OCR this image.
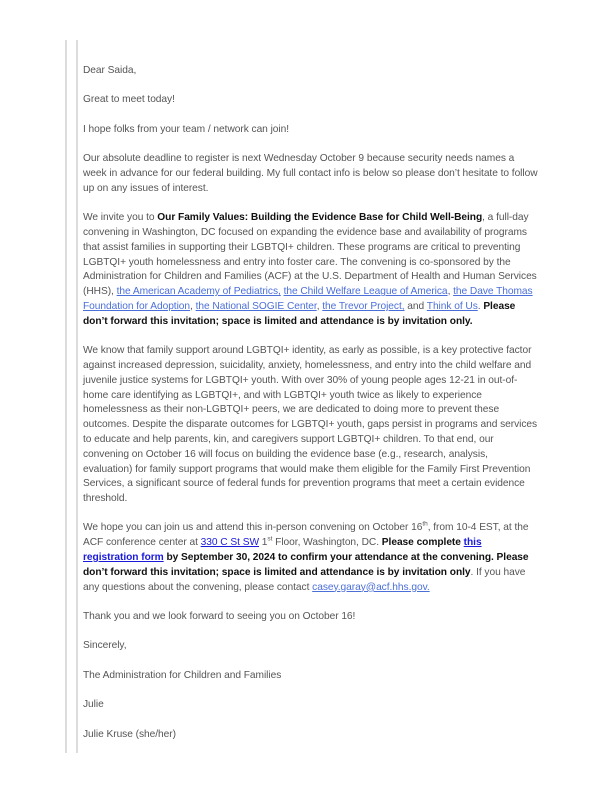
Dear Saida,

Great to meet today!

I hope folks from your team / network can join!

Our absolute deadline to register is next Wednesday October 9 because security needs names a week in advance for our federal building. My full contact info is below so please don’t hesitate to follow up on any issues of interest.

We invite you to Our Family Values: Building the Evidence Base for Child Well-Being, a full-day convening in Washington, DC focused on expanding the evidence base and availability of programs that assist families in supporting their LGBTQI+ children. These programs are critical to preventing LGBTQI+ youth homelessness and entry into foster care. The convening is co-sponsored by the Administration for Children and Families (ACF) at the U.S. Department of Health and Human Services (HHS), the American Academy of Pediatrics, the Child Welfare League of America, the Dave Thomas Foundation for Adoption, the National SOGIE Center, the Trevor Project, and Think of Us. Please don’t forward this invitation; space is limited and attendance is by invitation only.

We know that family support around LGBTQI+ identity, as early as possible, is a key protective factor against increased depression, suicidality, anxiety, homelessness, and entry into the child welfare and juvenile justice systems for LGBTQI+ youth. With over 30% of young people ages 12-21 in out-of-home care identifying as LGBTQI+, and with LGBTQI+ youth twice as likely to experience homelessness as their non-LGBTQI+ peers, we are dedicated to doing more to prevent these outcomes. Despite the disparate outcomes for LGBTQI+ youth, gaps persist in programs and services to educate and help parents, kin, and caregivers support LGBTQI+ children. To that end, our convening on October 16 will focus on building the evidence base (e.g., research, analysis, evaluation) for family support programs that would make them eligible for the Family First Prevention Services, a significant source of federal funds for prevention programs that meet a certain evidence threshold.

We hope you can join us and attend this in-person convening on October 16th, from 10-4 EST, at the ACF conference center at 330 C St SW 1st Floor, Washington, DC. Please complete this registration form by September 30, 2024 to confirm your attendance at the convening. Please don’t forward this invitation; space is limited and attendance is by invitation only. If you have any questions about the convening, please contact casey.garay@acf.hhs.gov.

Thank you and we look forward to seeing you on October 16!

Sincerely,

The Administration for Children and Families

Julie

Julie Kruse (she/her)
